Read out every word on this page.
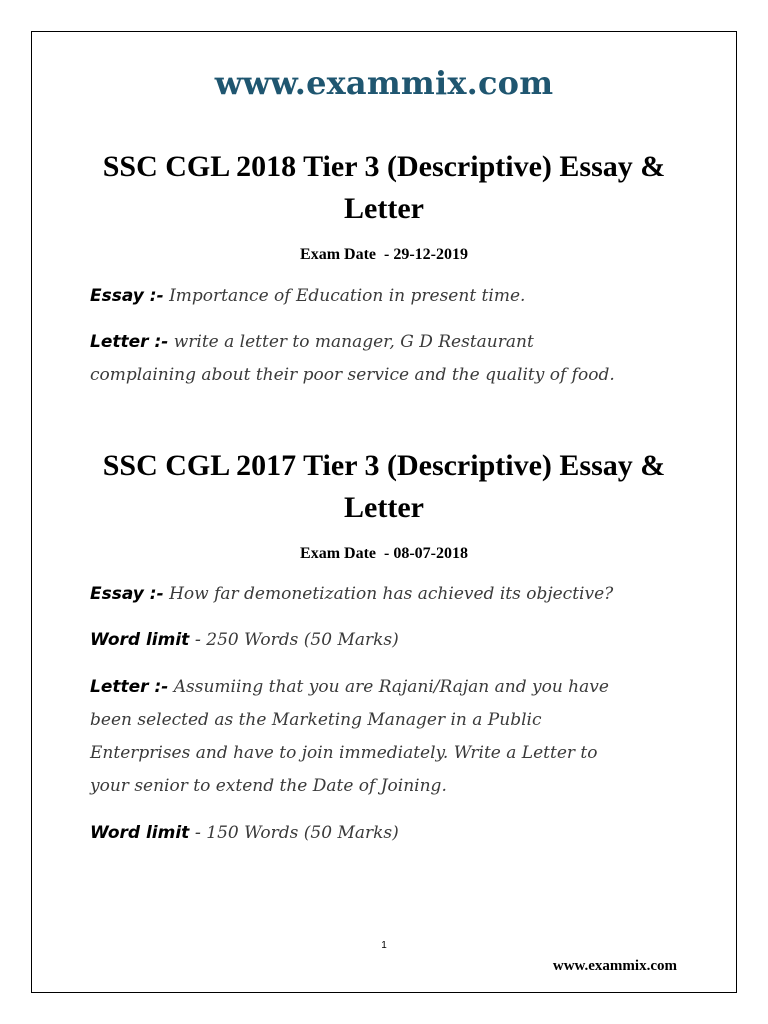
www.exammix.com
SSC CGL 2018 Tier 3 (Descriptive) Essay &
Letter
Exam Date  - 29-12-2019
Essay :- Importance of Education in present time.
Letter :- write a letter to manager, G D Restaurant
complaining about their poor service and the quality of food.
SSC CGL 2017 Tier 3 (Descriptive) Essay &
Letter
Exam Date  - 08-07-2018
Essay :- How far demonetization has achieved its objective?
Word limit - 250 Words (50 Marks)
Letter :- Assumiing that you are Rajani/Rajan and you have
been selected as the Marketing Manager in a Public
Enterprises and have to join immediately. Write a Letter to
your senior to extend the Date of Joining.
Word limit - 150 Words (50 Marks)
1
www.exammix.com
